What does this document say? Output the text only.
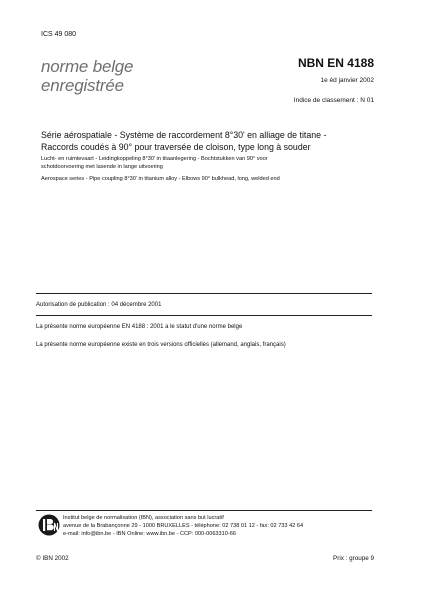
ICS 49 080
norme belge
enregistrée
NBN EN 4188
1e éd janvier 2002
Indice de classement : N 01
Série aérospatiale - Système de raccordement 8°30' en alliage de titane -
Raccords coudés à 90° pour traversée de cloison, type long à souder
Lucht- en ruimtevaart - Leidingkoppeling 8°30' in titaanlegering - Bochtstukken van 90° voor
schotdoorvoering met lasende in lange uitvoering
Aerospace series - Pipe coupling 8°30' in titanium alloy - Elbows 90° bulkhead, long, welded end
Autorisation de publication : 04 décembre 2001
La présente norme européenne EN 4188 : 2001 a le statut d'une norme belge
La présente norme européenne existe en trois versions officielles (allemand, anglais, français)
Institut belge de normalisation (IBN), association sans but lucratif
avenue de la Brabançonne 29 - 1000 BRUXELLES - téléphone: 02 738 01 12 - fax: 02 733 42 64
e-mail: info@ibn.be - IBN Online: www.ibn.be - CCP: 000-0063310-66
© IBN 2002	Prix : groupe 9
